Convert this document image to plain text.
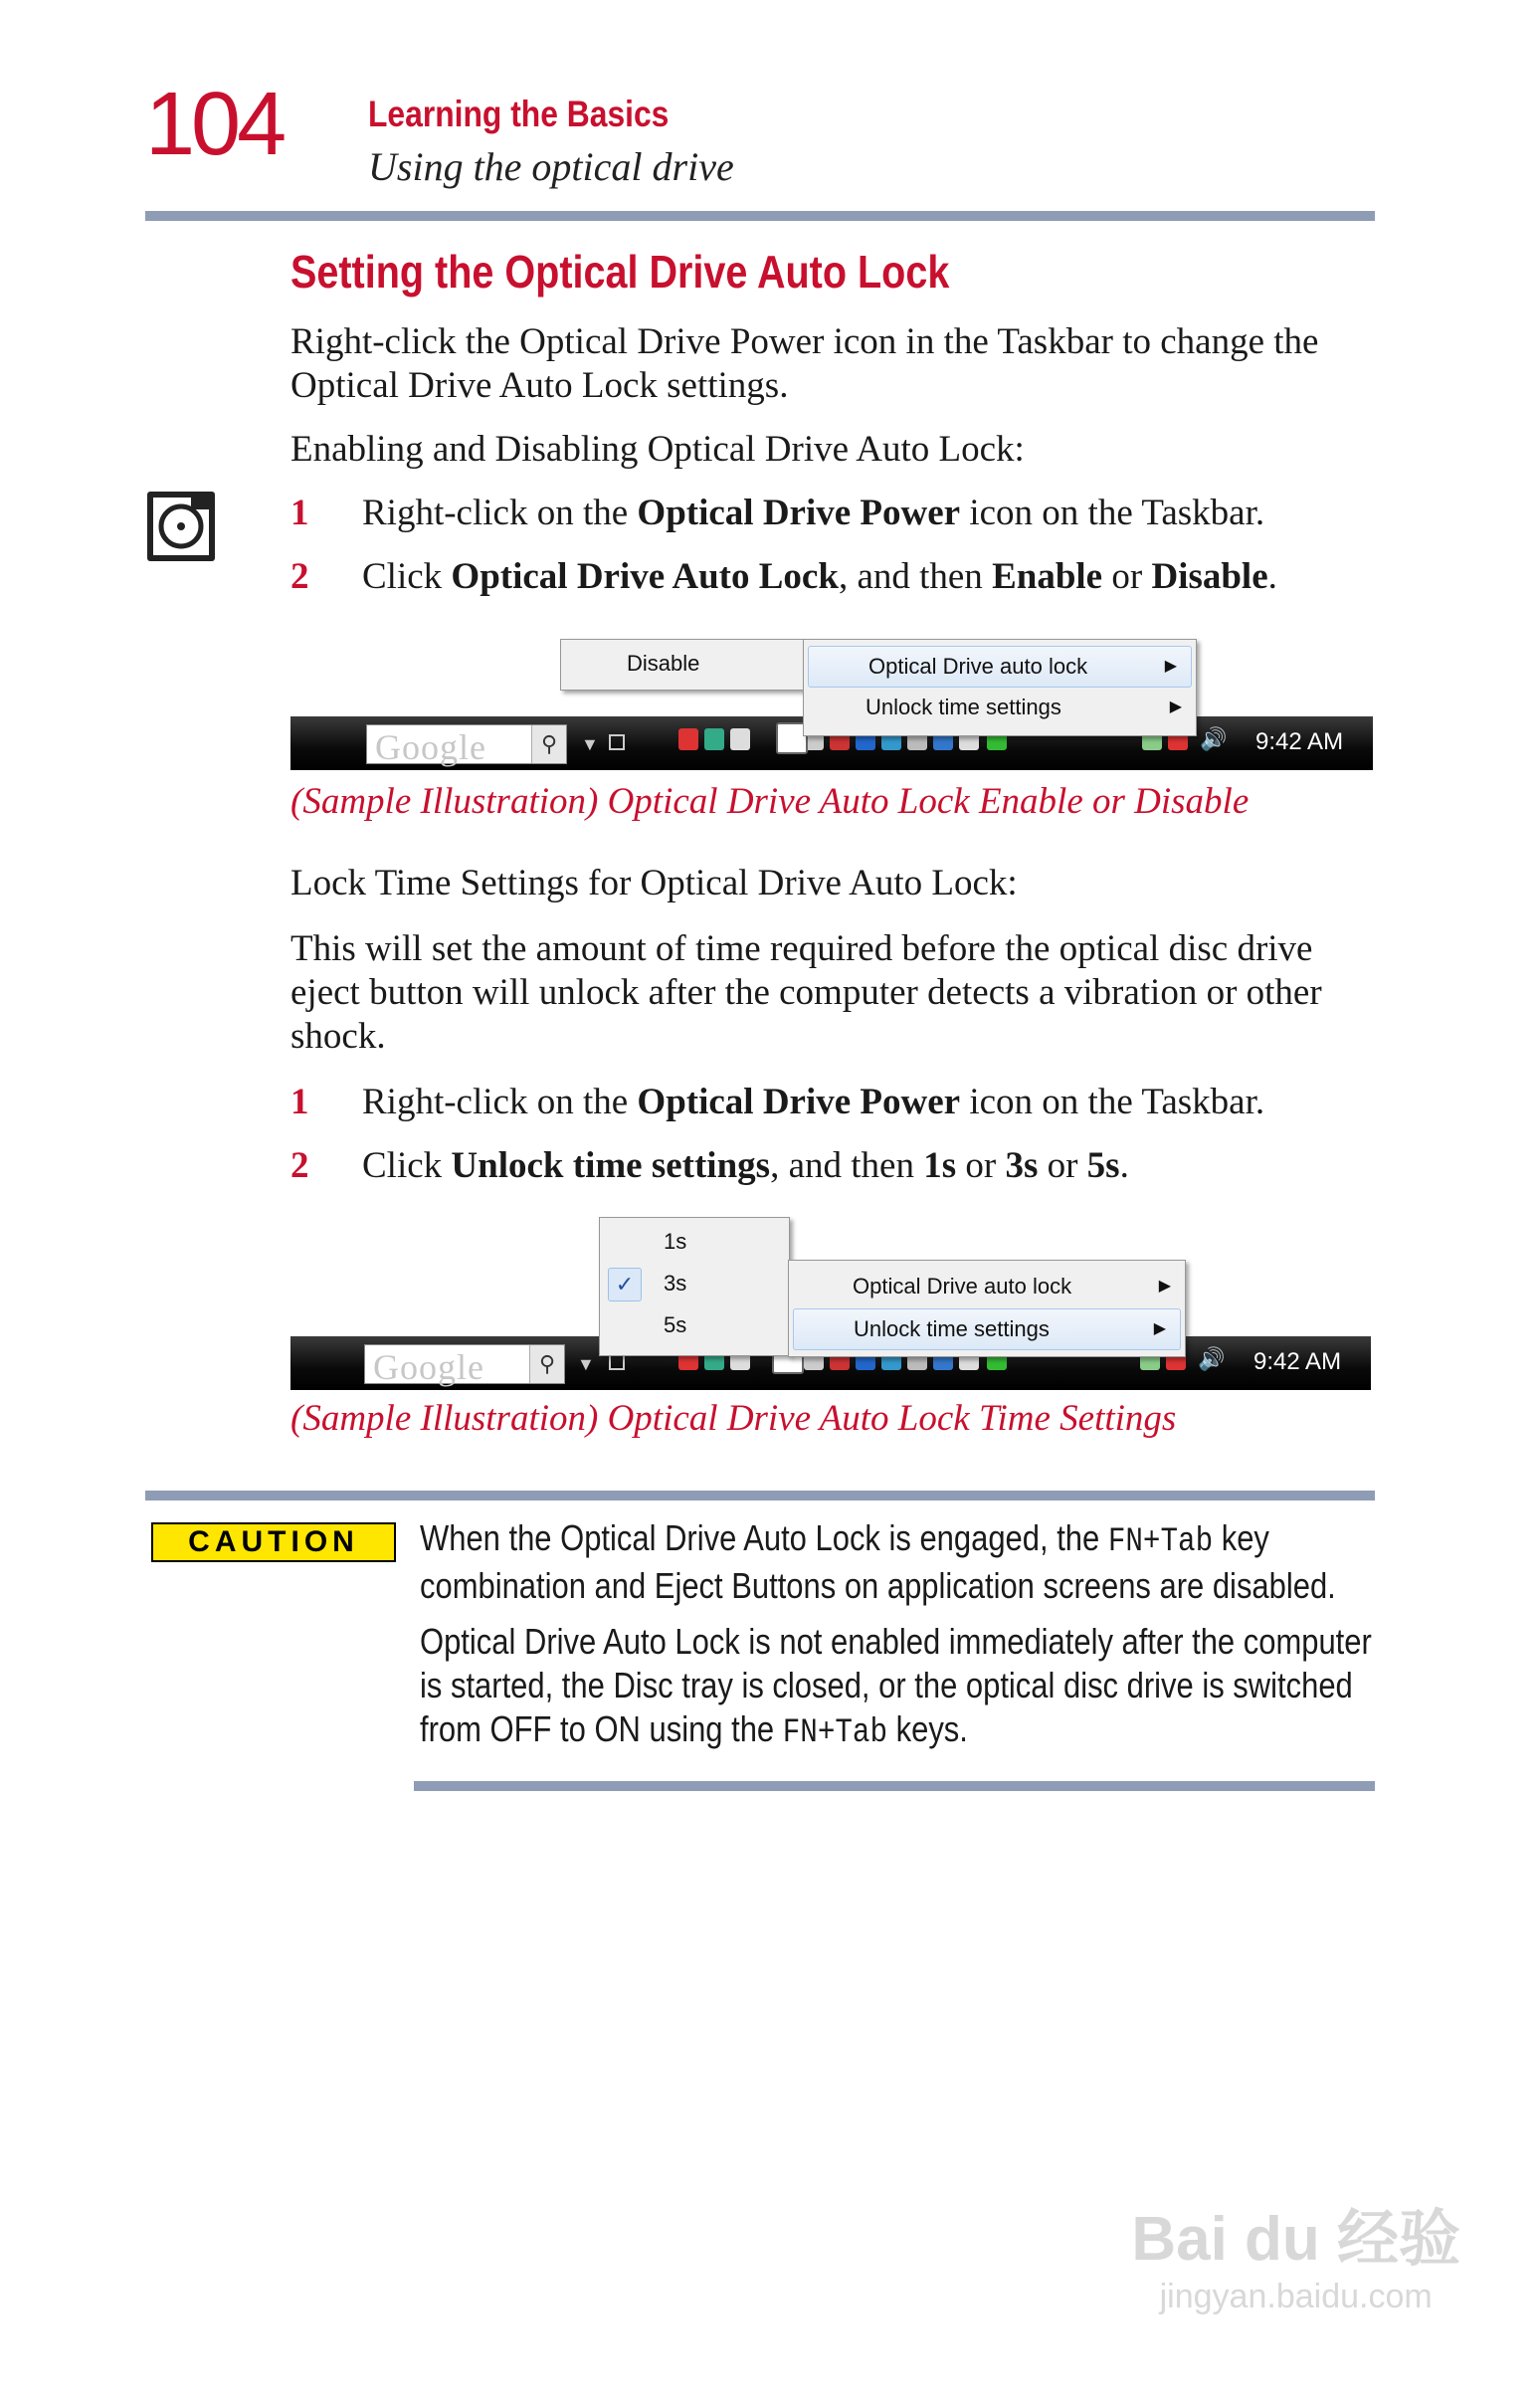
104 Learning the Basics
Using the optical drive
Setting the Optical Drive Auto Lock
Right-click the Optical Drive Power icon in the Taskbar to change the Optical Drive Auto Lock settings.
Enabling and Disabling Optical Drive Auto Lock:
1 Right-click on the Optical Drive Power icon on the Taskbar.
2 Click Optical Drive Auto Lock, and then Enable or Disable.
Google	⚲	▼	🔊 9:42 AM
Disable	Optical Drive auto lock	▶
Unlock time settings	▶
(Sample Illustration) Optical Drive Auto Lock Enable or Disable
Lock Time Settings for Optical Drive Auto Lock:
This will set the amount of time required before the optical disc drive eject button will unlock after the computer detects a vibration or other shock.
1 Right-click on the Optical Drive Power icon on the Taskbar.
2 Click Unlock time settings, and then 1s or 3s or 5s.
Google	⚲	▼	🔊 9:42 AM
1s
✓	3s
5s
Optical Drive auto lock	▶
Unlock time settings	▶
(Sample Illustration) Optical Drive Auto Lock Time Settings
CAUTION	When the Optical Drive Auto Lock is engaged, the FN+Tab key combination and Eject Buttons on application screens are disabled.
Optical Drive Auto Lock is not enabled immediately after the computer is started, the Disc tray is closed, or the optical disc drive is switched from OFF to ON using the FN+Tab keys.
Bai du 经验
jingyan.baidu.com
